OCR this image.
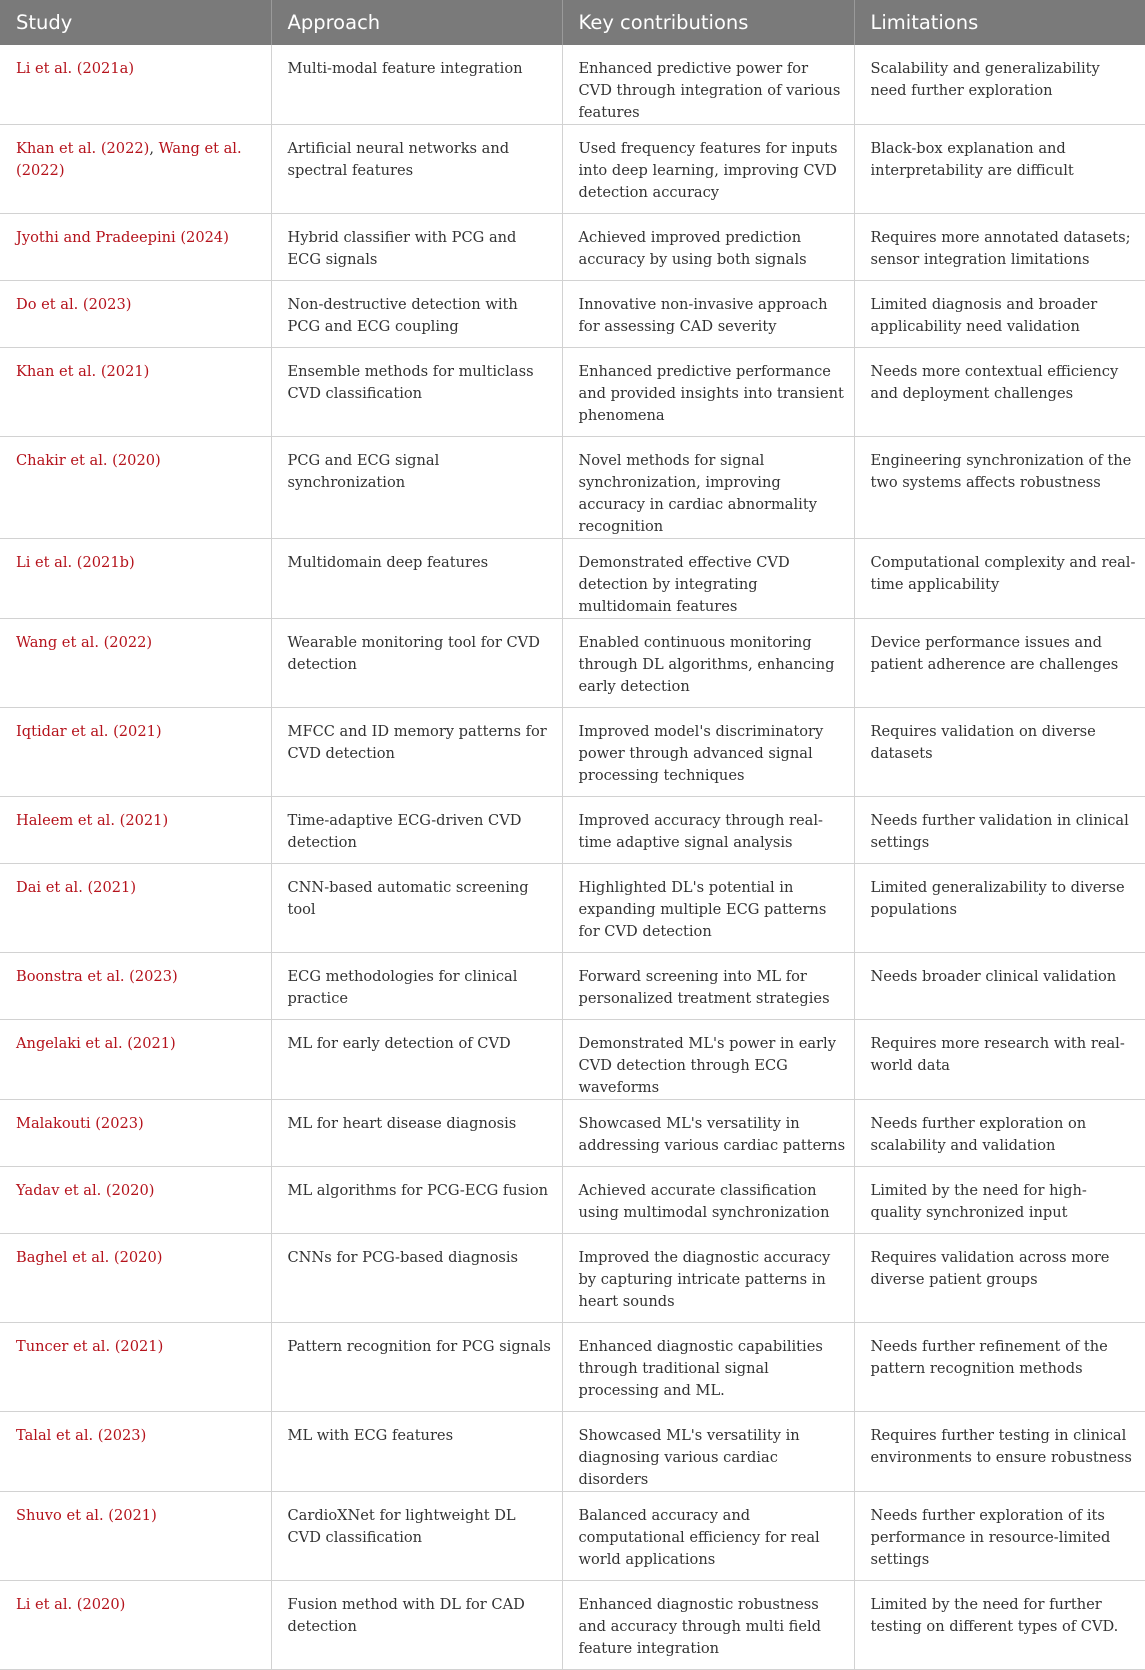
Study	Approach	Key contributions	Limitations
Li et al. (2021a)	Multi-modal feature integration	Enhanced predictive power for CVD through integration of various features	Scalability and generalizability need further exploration
Khan et al. (2022), Wang et al. (2022)	Artificial neural networks and spectral features	Used frequency features for inputs into deep learning, improving CVD detection accuracy	Black-box explanation and interpretability are difficult
Jyothi and Pradeepini (2024)	Hybrid classifier with PCG and ECG signals	Achieved improved prediction accuracy by using both signals	Requires more annotated datasets; sensor integration limitations
Do et al. (2023)	Non-destructive detection with PCG and ECG coupling	Innovative non-invasive approach for assessing CAD severity	Limited diagnosis and broader applicability need validation
Khan et al. (2021)	Ensemble methods for multiclass CVD classification	Enhanced predictive performance and provided insights into transient phenomena	Needs more contextual efficiency and deployment challenges
Chakir et al. (2020)	PCG and ECG signal synchronization	Novel methods for signal synchronization, improving accuracy in cardiac abnormality recognition	Engineering synchronization of the two systems affects robustness
Li et al. (2021b)	Multidomain deep features	Demonstrated effective CVD detection by integrating multidomain features	Computational complexity and real-time applicability
Wang et al. (2022)	Wearable monitoring tool for CVD detection	Enabled continuous monitoring through DL algorithms, enhancing early detection	Device performance issues and patient adherence are challenges
Iqtidar et al. (2021)	MFCC and ID memory patterns for CVD detection	Improved model's discriminatory power through advanced signal processing techniques	Requires validation on diverse datasets
Haleem et al. (2021)	Time-adaptive ECG-driven CVD detection	Improved accuracy through real-time adaptive signal analysis	Needs further validation in clinical settings
Dai et al. (2021)	CNN-based automatic screening tool	Highlighted DL's potential in expanding multiple ECG patterns for CVD detection	Limited generalizability to diverse populations
Boonstra et al. (2023)	ECG methodologies for clinical practice	Forward screening into ML for personalized treatment strategies	Needs broader clinical validation
Angelaki et al. (2021)	ML for early detection of CVD	Demonstrated ML's power in early CVD detection through ECG waveforms	Requires more research with real-world data
Malakouti (2023)	ML for heart disease diagnosis	Showcased ML's versatility in addressing various cardiac patterns	Needs further exploration on scalability and validation
Yadav et al. (2020)	ML algorithms for PCG-ECG fusion	Achieved accurate classification using multimodal synchronization	Limited by the need for high-quality synchronized input
Baghel et al. (2020)	CNNs for PCG-based diagnosis	Improved the diagnostic accuracy by capturing intricate patterns in heart sounds	Requires validation across more diverse patient groups
Tuncer et al. (2021)	Pattern recognition for PCG signals	Enhanced diagnostic capabilities through traditional signal processing and ML.	Needs further refinement of the pattern recognition methods
Talal et al. (2023)	ML with ECG features	Showcased ML's versatility in diagnosing various cardiac disorders	Requires further testing in clinical environments to ensure robustness
Shuvo et al. (2021)	CardioXNet for lightweight DL CVD classification	Balanced accuracy and computational efficiency for real world applications	Needs further exploration of its performance in resource-limited settings
Li et al. (2020)	Fusion method with DL for CAD detection	Enhanced diagnostic robustness and accuracy through multi field feature integration	Limited by the need for further testing on different types of CVD.
